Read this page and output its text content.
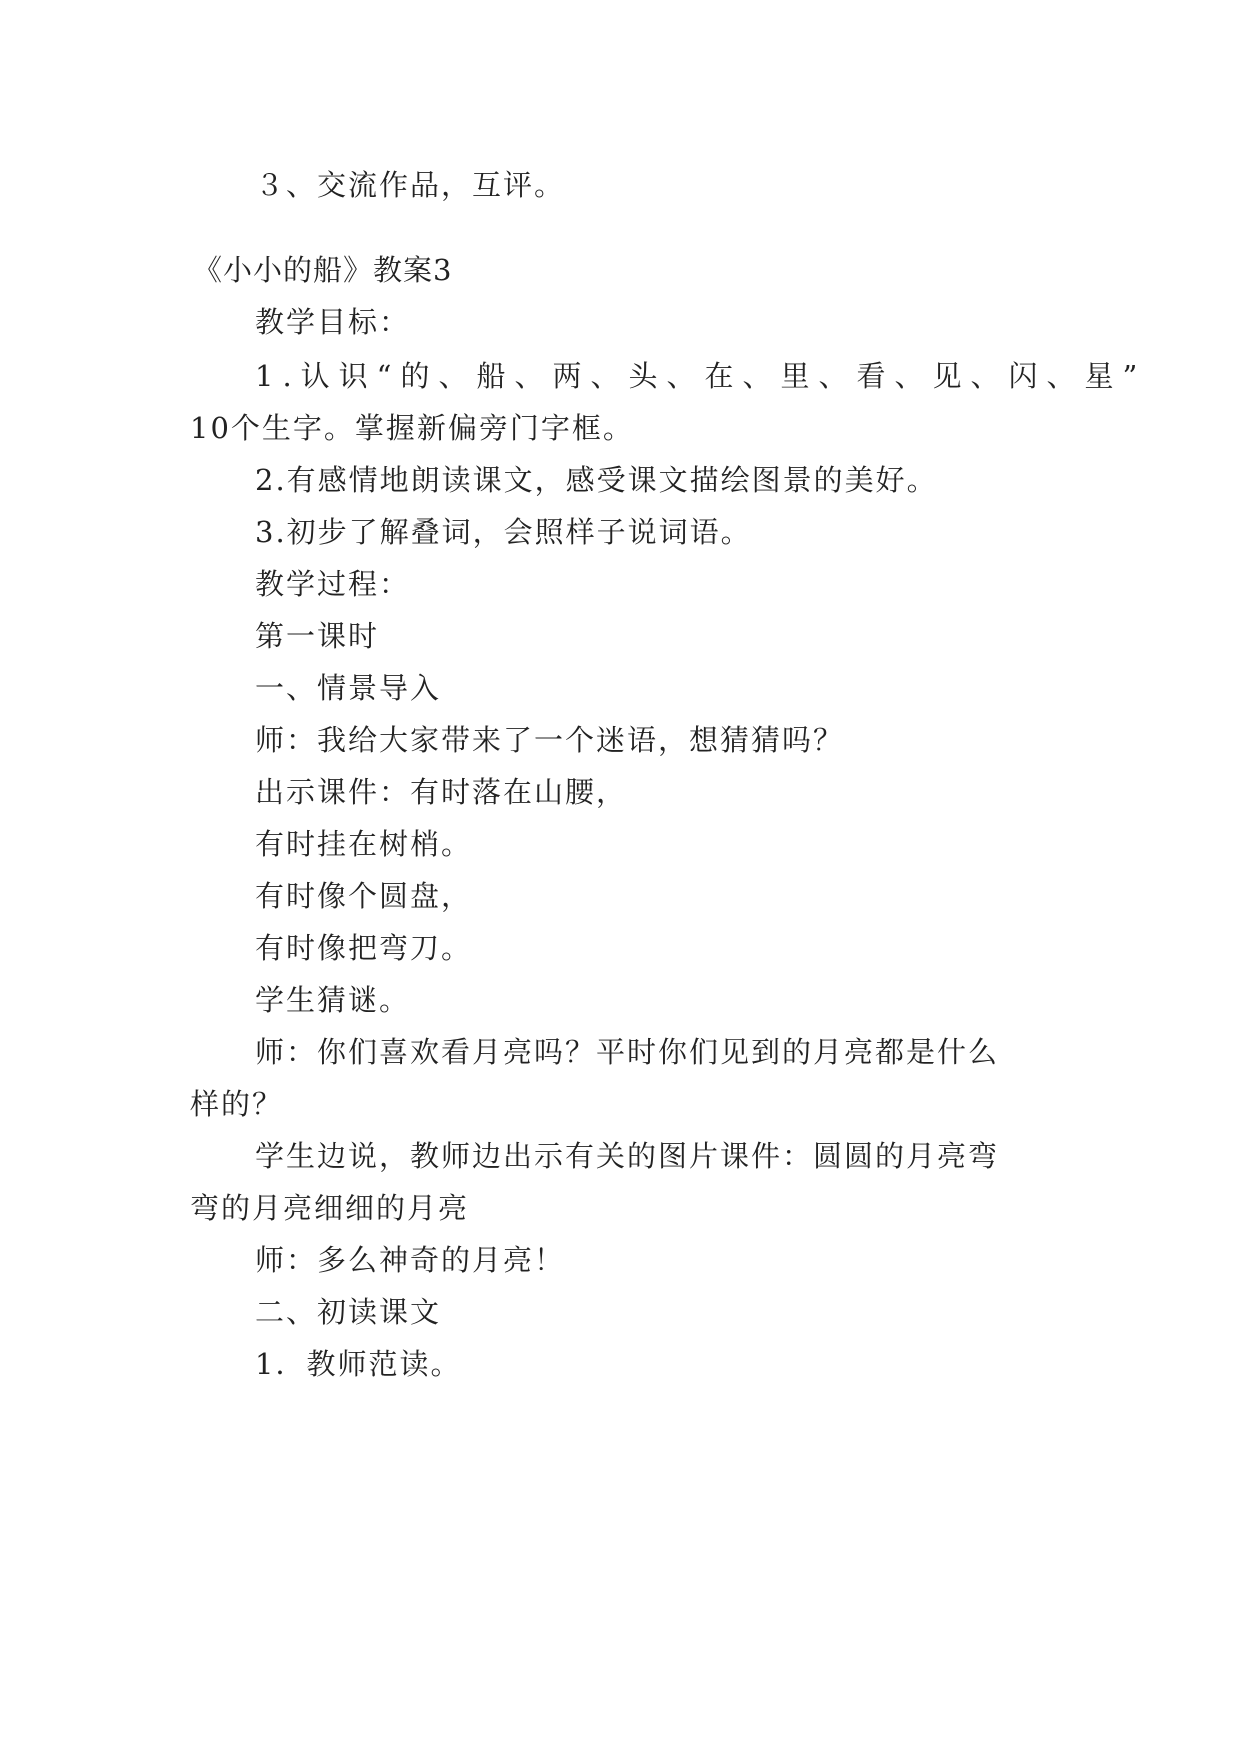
３、交流作品，互评。
《小小的船》教案3
教学目标：
1.认识“的、船、两、头、在、里、看、见、闪、星”
10个生字。掌握新偏旁门字框。
2.有感情地朗读课文，感受课文描绘图景的美好。
3.初步了解叠词，会照样子说词语。
教学过程：
第一课时
一、情景导入
师：我给大家带来了一个迷语，想猜猜吗？
出示课件：有时落在山腰，
有时挂在树梢。
有时像个圆盘，
有时像把弯刀。
学生猜谜。
师：你们喜欢看月亮吗？平时你们见到的月亮都是什么
样的？
学生边说，教师边出示有关的图片课件：圆圆的月亮弯
弯的月亮细细的月亮
师：多么神奇的月亮！
二、初读课文
1．教师范读。
